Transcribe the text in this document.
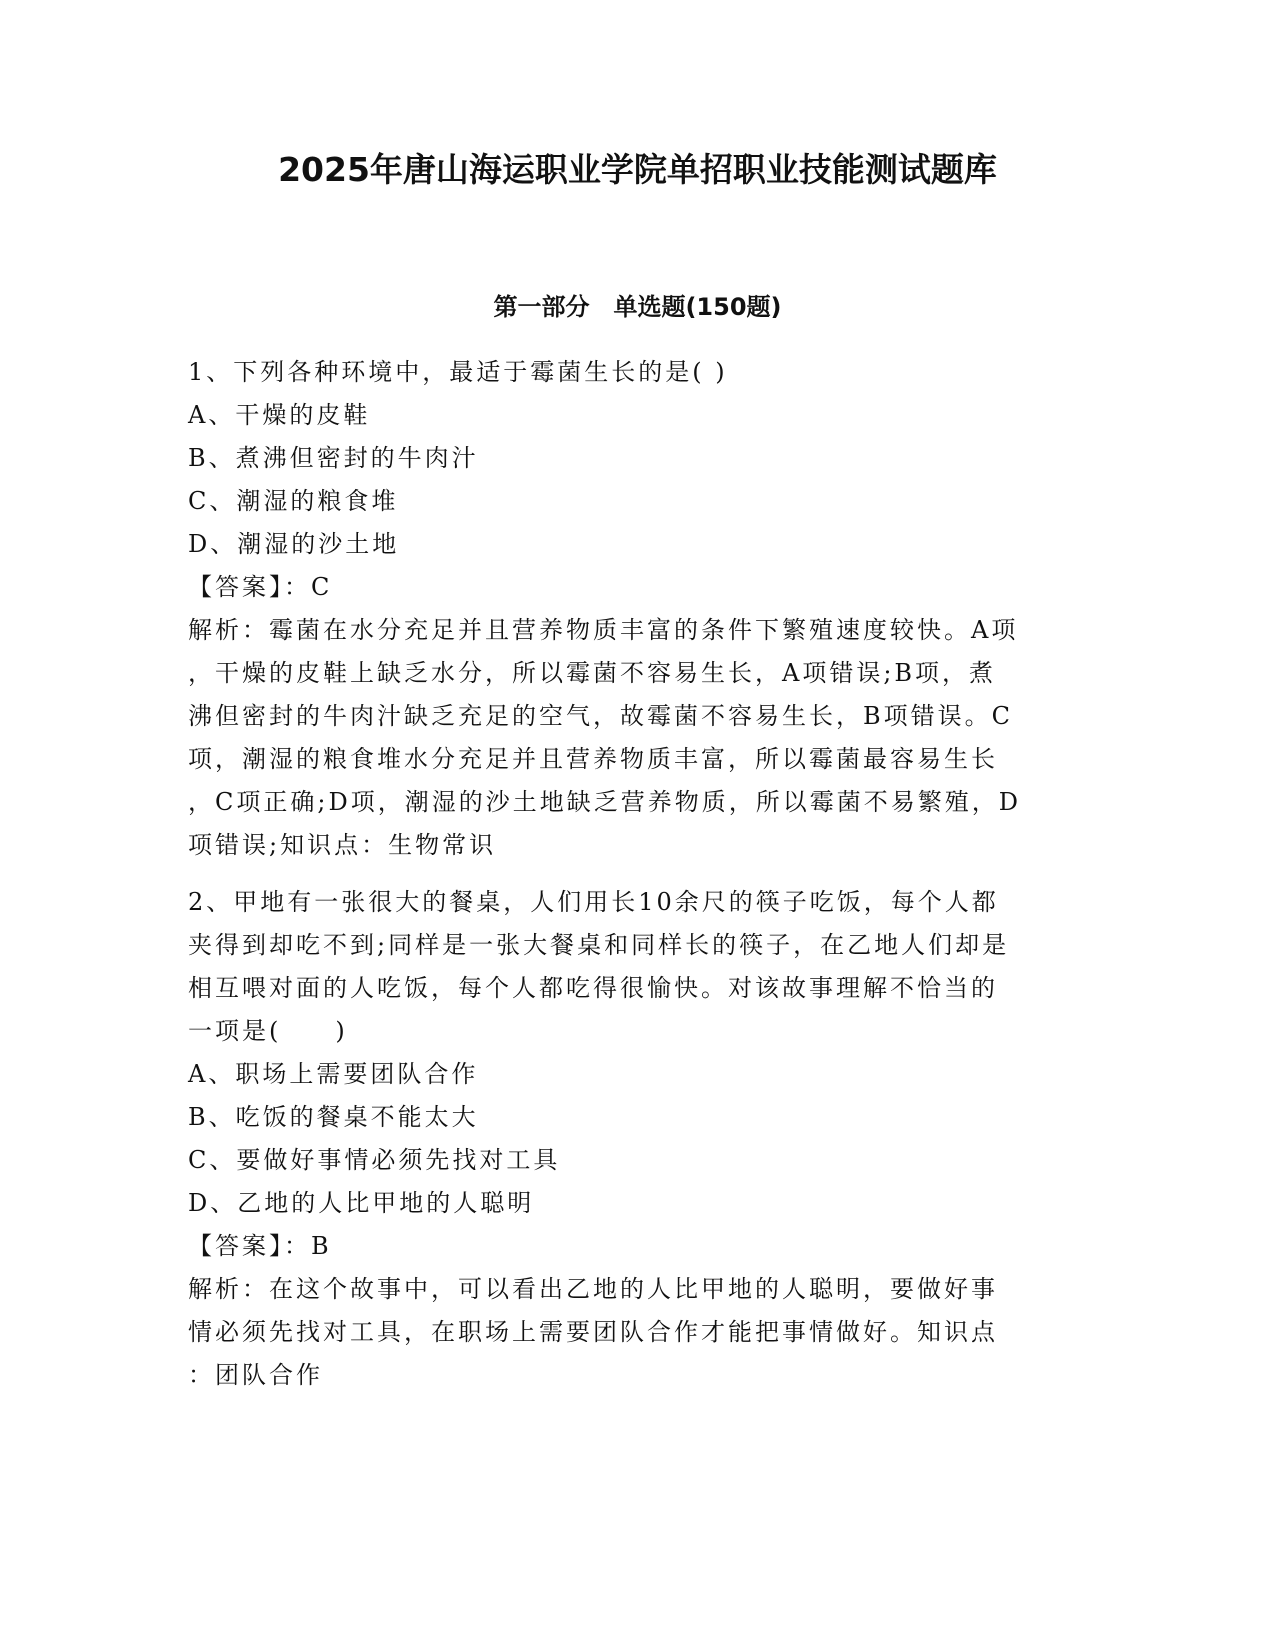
2025年唐山海运职业学院单招职业技能测试题库
第一部分　单选题(150题)
1、下列各种环境中，最适于霉菌生长的是( )
A、干燥的皮鞋
B、煮沸但密封的牛肉汁
C、潮湿的粮食堆
D、潮湿的沙土地
【答案】：C
解析：霉菌在水分充足并且营养物质丰富的条件下繁殖速度较快。A项
，干燥的皮鞋上缺乏水分，所以霉菌不容易生长，A项错误;B项，煮
沸但密封的牛肉汁缺乏充足的空气，故霉菌不容易生长，B项错误。C
项，潮湿的粮食堆水分充足并且营养物质丰富，所以霉菌最容易生长
，C项正确;D项，潮湿的沙土地缺乏营养物质，所以霉菌不易繁殖，D
项错误;知识点：生物常识
2、甲地有一张很大的餐桌，人们用长10余尺的筷子吃饭，每个人都
夹得到却吃不到;同样是一张大餐桌和同样长的筷子，在乙地人们却是
相互喂对面的人吃饭，每个人都吃得很愉快。对该故事理解不恰当的
一项是(　　)
A、职场上需要团队合作
B、吃饭的餐桌不能太大
C、要做好事情必须先找对工具
D、乙地的人比甲地的人聪明
【答案】：B
解析：在这个故事中，可以看出乙地的人比甲地的人聪明，要做好事
情必须先找对工具，在职场上需要团队合作才能把事情做好。知识点
：团队合作
